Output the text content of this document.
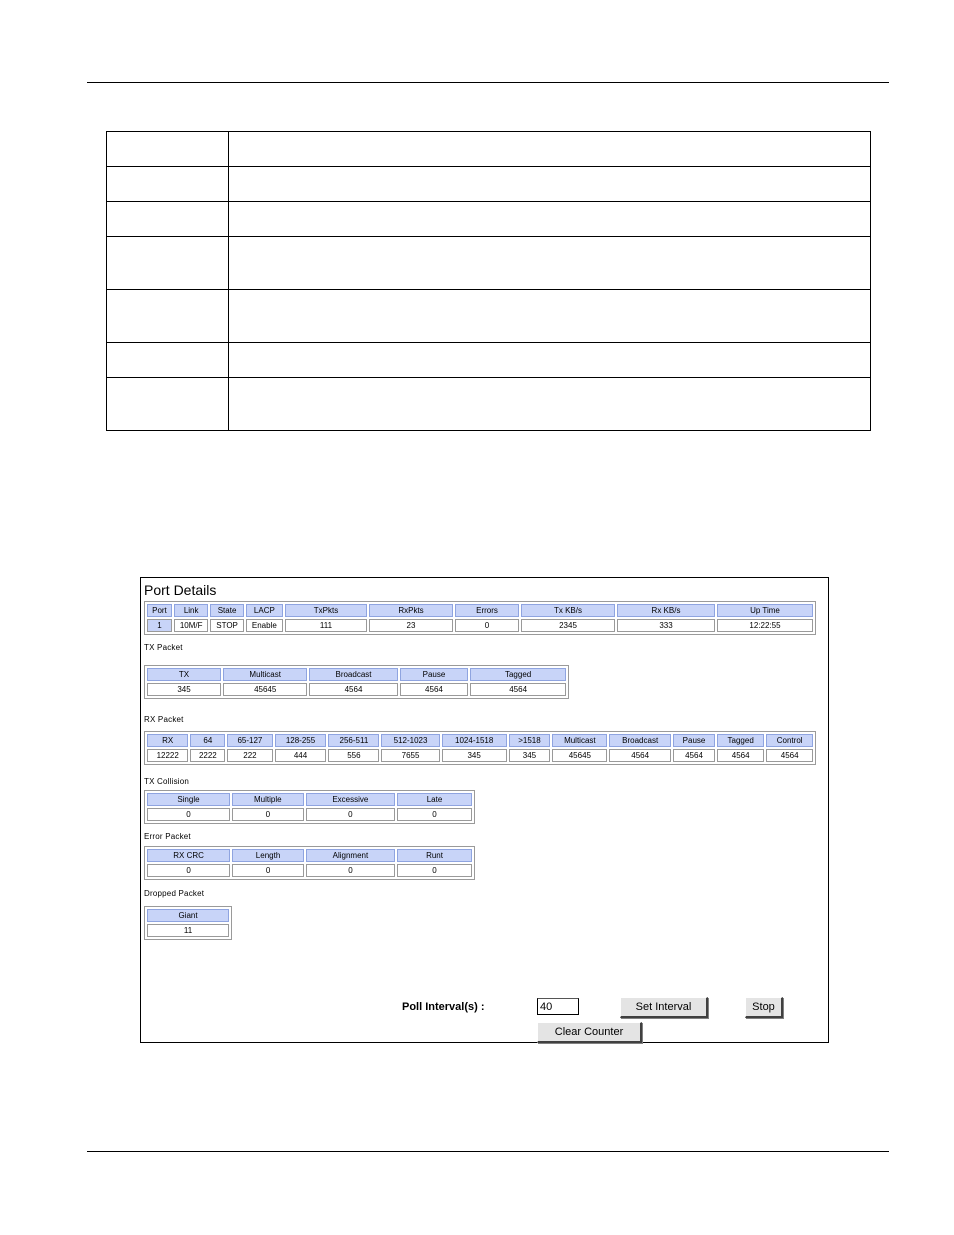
Port Details
Port	Link	State	LACP	TxPkts	RxPkts	Errors	Tx KB/s	Rx KB/s	Up Time
1	10M/F	STOP	Enable	111	23	0	2345	333	12:22:55
TX Packet
TX	Multicast	Broadcast	Pause	Tagged
345	45645	4564	4564	4564
RX Packet
RX	64	65-127	128-255	256-511	512-1023	1024-1518	>1518	Multicast	Broadcast	Pause	Tagged	Control
12222	2222	222	444	556	7655	345	345	45645	4564	4564	4564	4564
TX Collision
Single	Multiple	Excessive	Late
0	0	0	0
Error Packet
RX CRC	Length	Alignment	Runt
0	0	0	0
Dropped Packet
Giant
11
Poll Interval(s) :
40	Set Interval	Stop
Clear Counter
